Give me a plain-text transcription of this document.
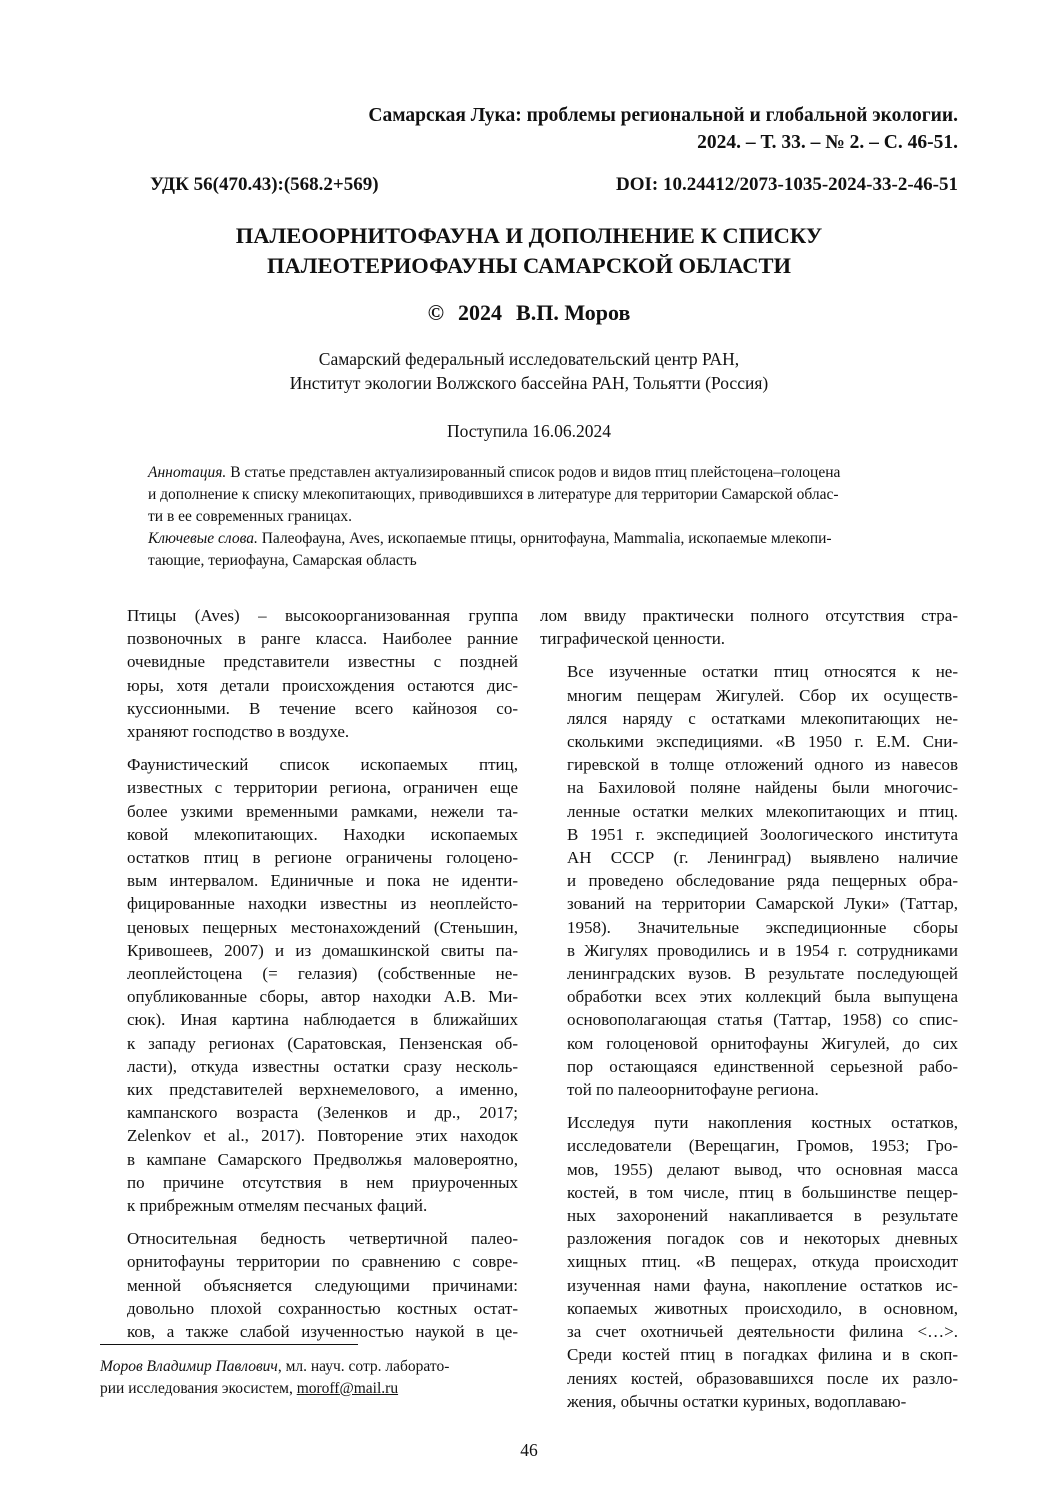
Самарская Лука: проблемы региональной и глобальной экологии.
2024. – Т. 33. – № 2. – С. 46-51.
УДК 56(470.43):(568.2+569)	DOI: 10.24412/2073-1035-2024-33-2-46-51
ПАЛЕООРНИТОФАУНА И ДОПОЛНЕНИЕ К СПИСКУ
ПАЛЕОТЕРИОФАУНЫ САМАРСКОЙ ОБЛАСТИ
© 2024 В.П. Моров
Самарский федеральный исследовательский центр РАН,
Институт экологии Волжского бассейна РАН, Тольятти (Россия)
Поступила 16.06.2024

Аннотация. В статье представлен актуализированный список родов и видов птиц плейстоцена–голоцена
и дополнение к списку млекопитающих, приводившихся в литературе для территории Самарской облас-
ти в ее современных границах.

Ключевые слова. Палеофауна, Aves, ископаемые птицы, орнитофауна, Mammalia, ископаемые млекопи-
тающие, териофауна, Самарская область

Птицы (Aves) – высокоорганизованная группа
позвоночных в ранге класса. Наиболее ранние
очевидные представители известны с поздней
юры, хотя детали происхождения остаются дис-
куссионными. В течение всего кайнозоя со-
храняют господство в воздухе.

Фаунистический список ископаемых птиц,
известных с территории региона, ограничен еще
более узкими временными рамками, нежели та-
ковой млекопитающих. Находки ископаемых
остатков птиц в регионе ограничены голоцено-
вым интервалом. Единичные и пока не иденти-
фицированные находки известны из неоплейсто-
ценовых пещерных местонахождений (Стеньшин,
Кривошеев, 2007) и из домашкинской свиты па-
леоплейстоцена (= гелазия) (собственные не-
опубликованные сборы, автор находки А.В. Ми-
сюк). Иная картина наблюдается в ближайших
к западу регионах (Саратовская, Пензенская об-
ласти), откуда известны остатки сразу несколь-
ких представителей верхнемелового, а именно,
кампанского возраста (Зеленков и др., 2017;
Zelenkov et al., 2017). Повторение этих находок
в кампане Самарского Предволжья маловероятно,
по причине отсутствия в нем приуроченных
к прибрежным отмелям песчаных фаций.

Относительная бедность четвертичной палео-
орнитофауны территории по сравнению с совре-
менной объясняется следующими причинами:
довольно плохой сохранностью костных остат-
ков, а также слабой изученностью наукой в це-

лом ввиду практически полного отсутствия стра-
тиграфической ценности.

Все изученные остатки птиц относятся к не-
многим пещерам Жигулей. Сбор их осуществ-
лялся наряду с остатками млекопитающих не-
сколькими экспедициями. «В 1950 г. Е.М. Сни-
гиревской в толще отложений одного из навесов
на Бахиловой поляне найдены были многочис-
ленные остатки мелких млекопитающих и птиц.
В 1951 г. экспедицией Зоологического института
АН СССР (г. Ленинград) выявлено наличие
и проведено обследование ряда пещерных обра-
зований на территории Самарской Луки» (Таттар,
1958). Значительные экспедиционные сборы
в Жигулях проводились и в 1954 г. сотрудниками
ленинградских вузов. В результате последующей
обработки всех этих коллекций была выпущена
основополагающая статья (Таттар, 1958) со спис-
ком голоценовой орнитофауны Жигулей, до сих
пор остающаяся единственной серьезной рабо-
той по палеоорнитофауне региона.

Исследуя пути накопления костных остатков,
исследователи (Верещагин, Громов, 1953; Гро-
мов, 1955) делают вывод, что основная масса
костей, в том числе, птиц в большинстве пещер-
ных захоронений накапливается в результате
разложения погадок сов и некоторых дневных
хищных птиц. «В пещерах, откуда происходит
изученная нами фауна, накопление остатков ис-
копаемых животных происходило, в основном,
за счет охотничьей деятельности филина <…>.
Среди костей птиц в погадках филина и в скоп-
лениях костей, образовавшихся после их разло-
жения, обычны остатки куриных, водоплаваю-

Моров Владимир Павлович, мл. науч. сотр. лаборато-
рии исследования экосистем, moroff@mail.ru
46
